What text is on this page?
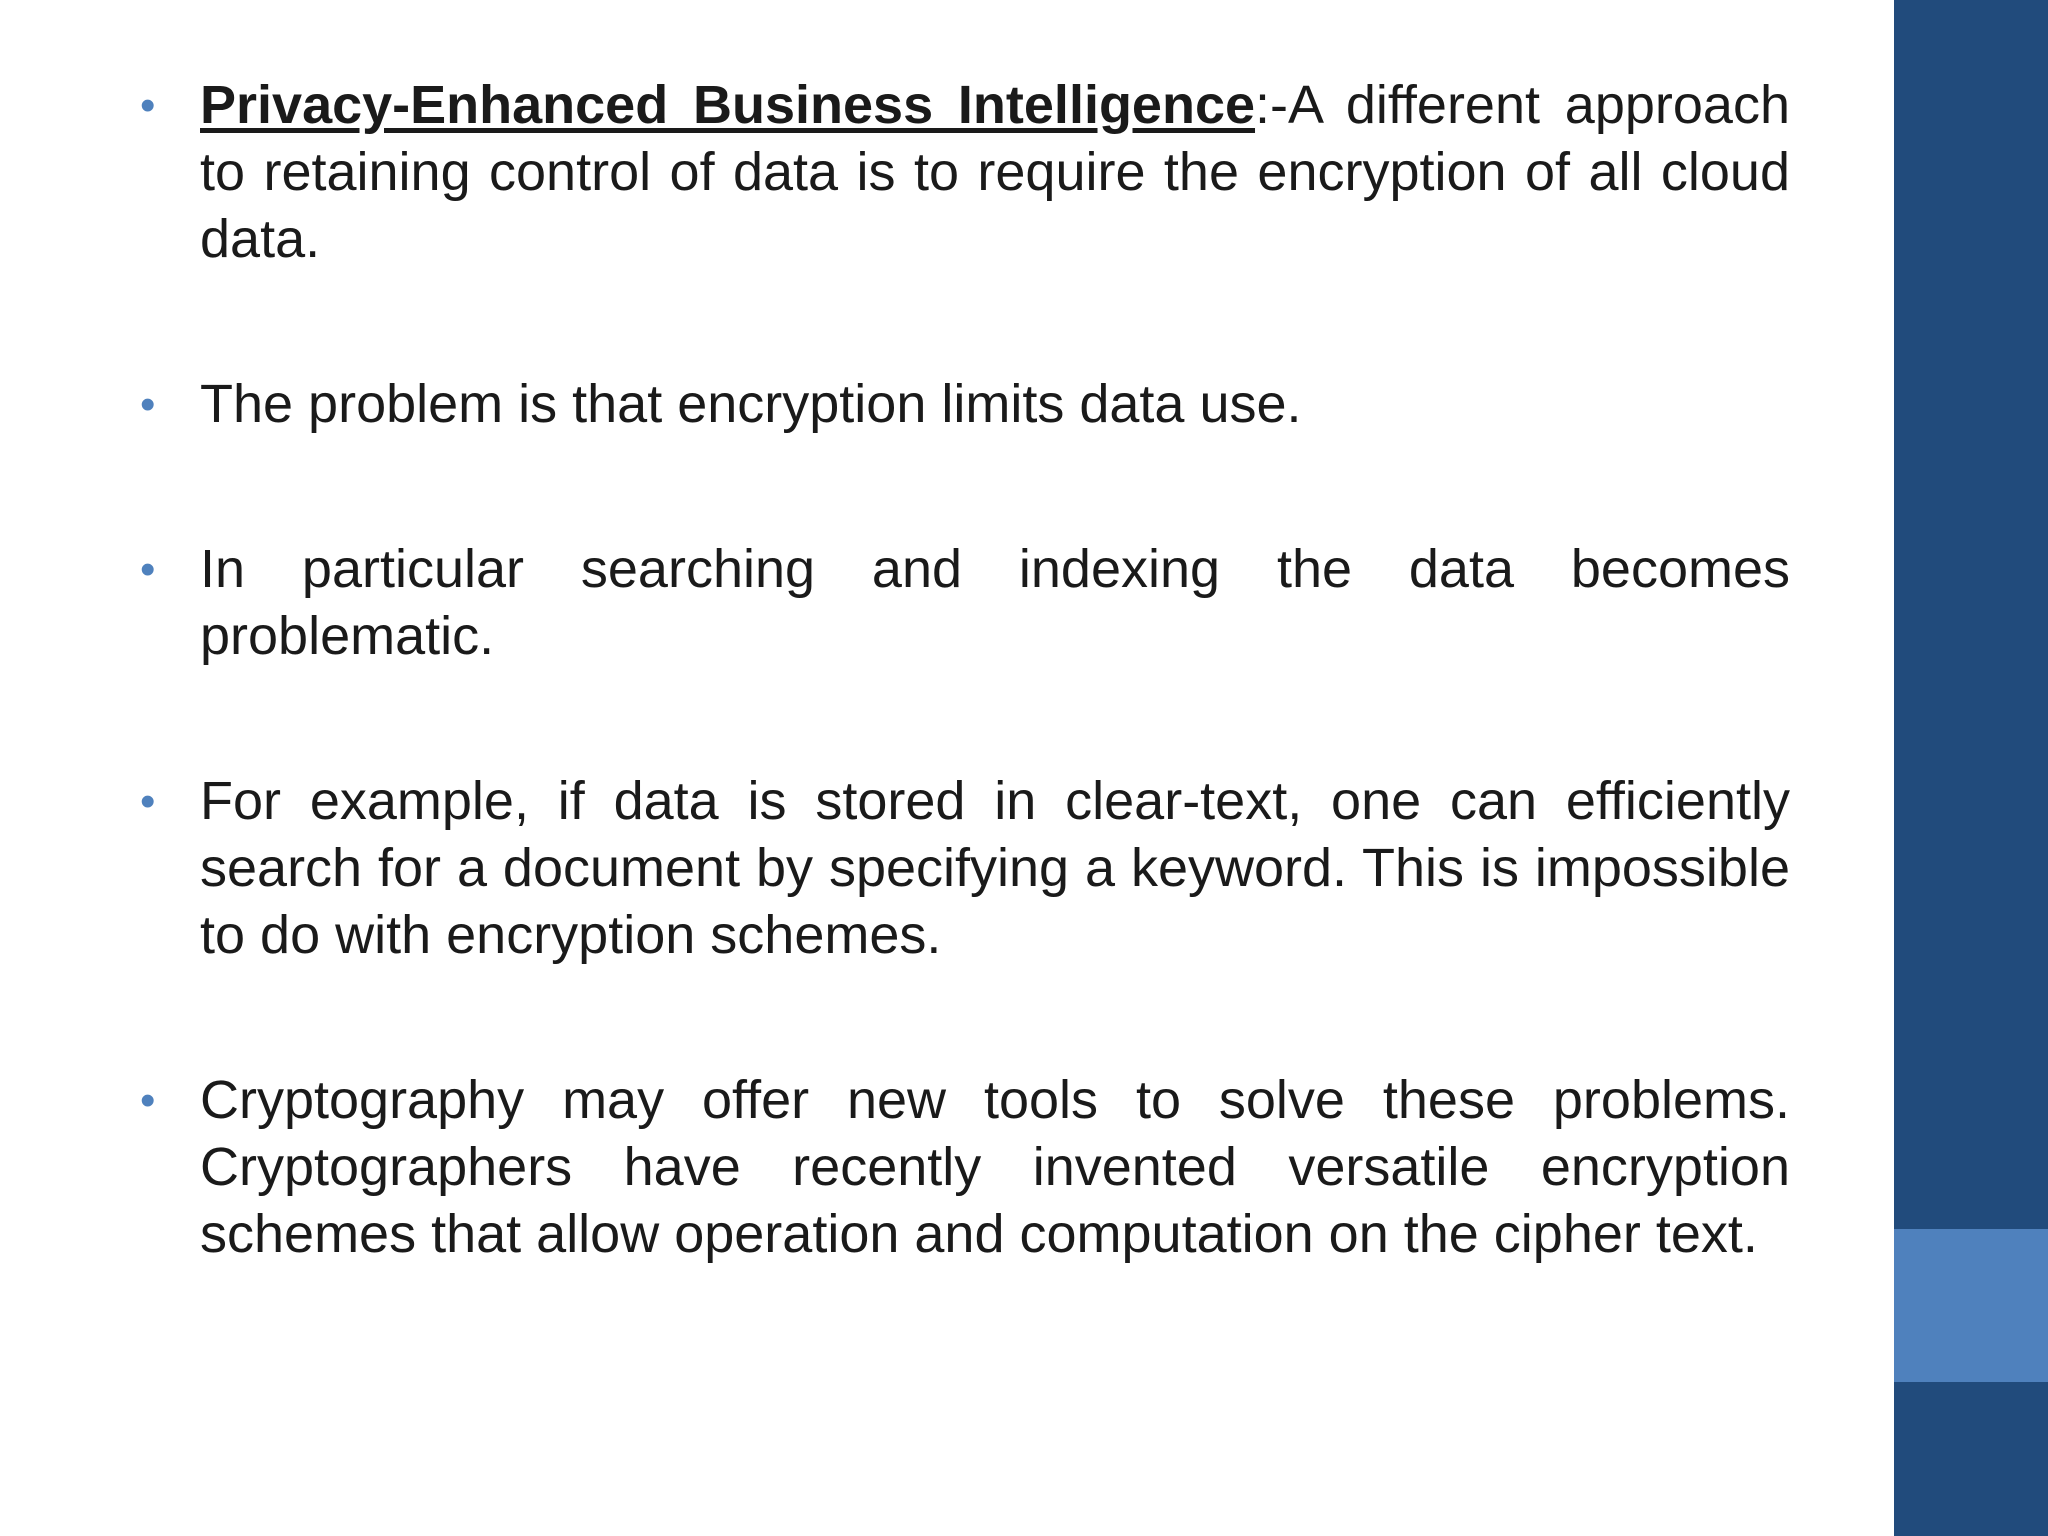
• Privacy-Enhanced Business Intelligence:-A different approach to retaining control of data is to require the encryption of all cloud data.
• The problem is that encryption limits data use.
• In particular searching and indexing the data becomes problematic.
• For example, if data is stored in clear-text, one can efficiently search for a document by specifying a keyword. This is impossible to do with encryption schemes.
• Cryptography may offer new tools to solve these problems. Cryptographers have recently invented versatile encryption schemes that allow operation and computation on the cipher text.
